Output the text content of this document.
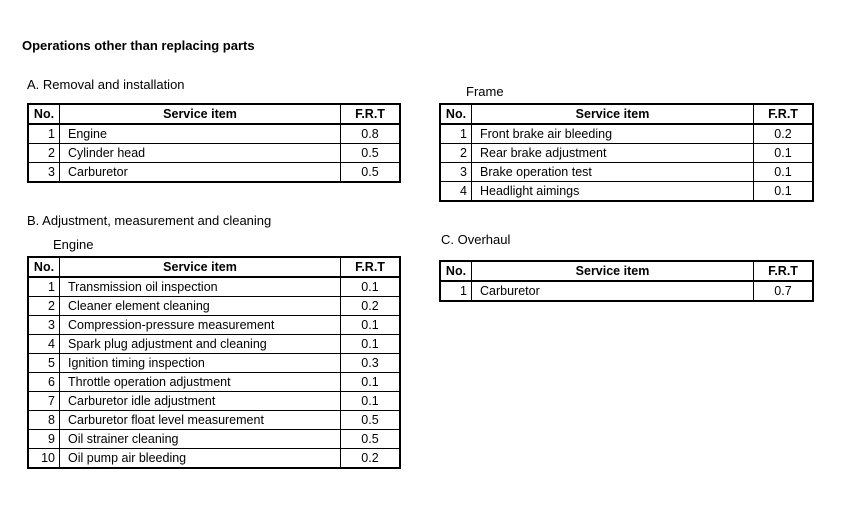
Operations other than replacing parts
A. Removal and installation
No.	Service item	F.R.T
1	Engine	0.8
2	Cylinder head	0.5
3	Carburetor	0.5
B. Adjustment, measurement and cleaning
Engine
No.	Service item	F.R.T
1	Transmission oil inspection	0.1
2	Cleaner element cleaning	0.2
3	Compression-pressure measurement	0.1
4	Spark plug adjustment and cleaning	0.1
5	Ignition timing inspection	0.3
6	Throttle operation adjustment	0.1
7	Carburetor idle adjustment	0.1
8	Carburetor float level measurement	0.5
9	Oil strainer cleaning	0.5
10	Oil pump air bleeding	0.2
Frame
No.	Service item	F.R.T
1	Front brake air bleeding	0.2
2	Rear brake adjustment	0.1
3	Brake operation test	0.1
4	Headlight aimings	0.1
C. Overhaul
No.	Service item	F.R.T
1	Carburetor	0.7
